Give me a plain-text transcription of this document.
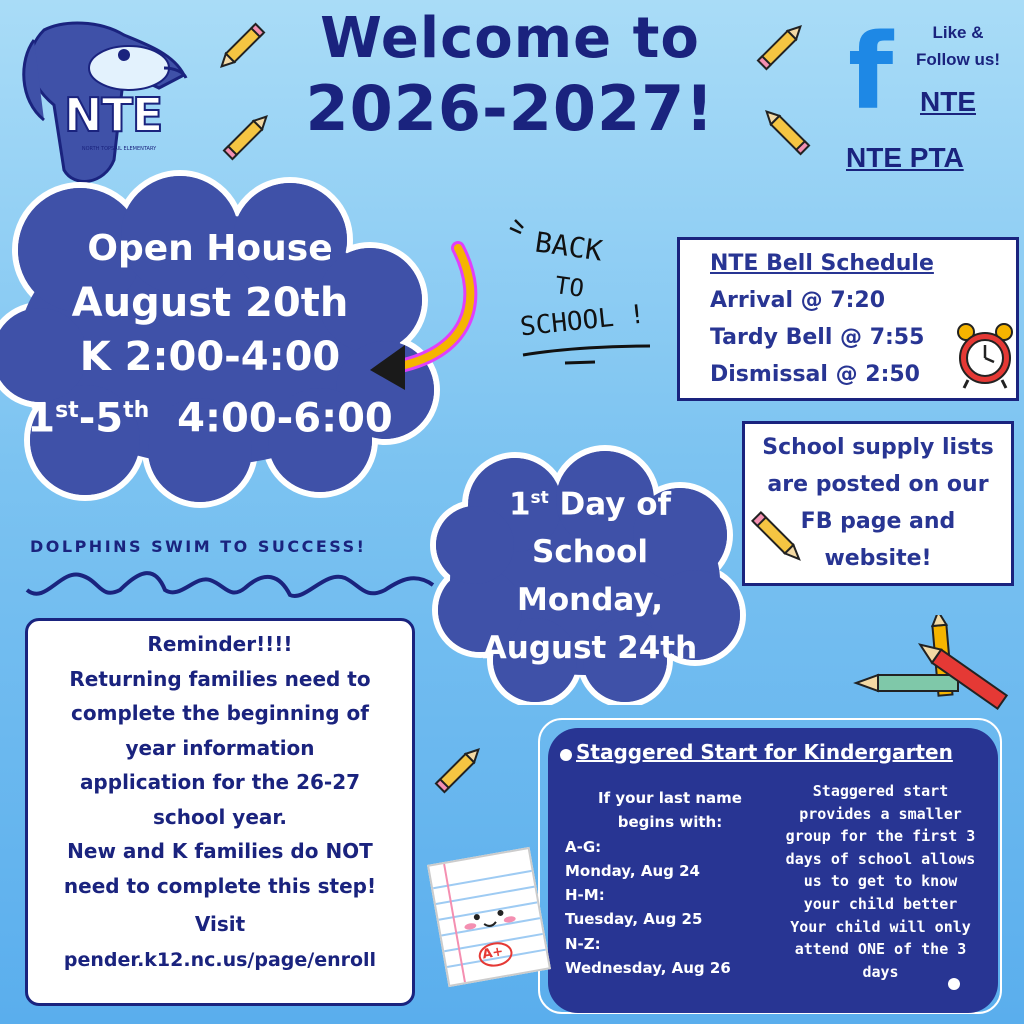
NTE
NORTH TOPSAIL ELEMENTARY
Welcome to
2026-2027! f	Like &
Follow us!
NTE
NTE PTA
Open House
August 20th
K 2:00-4:00
1st-5th  4:00-6:00
BACK
TO
SCHOOL !
NTE Bell Schedule
Arrival @ 7:20
Tardy Bell @ 7:55
Dismissal @ 2:50
School supply lists
are posted on our
FB page and
website!
DOLPHINS SWIM TO SUCCESS!
1st Day of
School
Monday,
August 24th
Reminder!!!!
Returning families need to
complete the beginning of
year information
application for the 26-27
school year.
New and K families do NOT
need to complete this step!
Visit
pender.k12.nc.us/page/enroll
Staggered Start for Kindergarten
If your last name
begins with:
A-G:
Monday, Aug 24
H-M:
Tuesday, Aug 25
N-Z:
Wednesday, Aug 26
Staggered start
provides a smaller
group for the first 3
days of school allows
us to get to know
your child better
Your child will only
attend ONE of the 3
days
A+
